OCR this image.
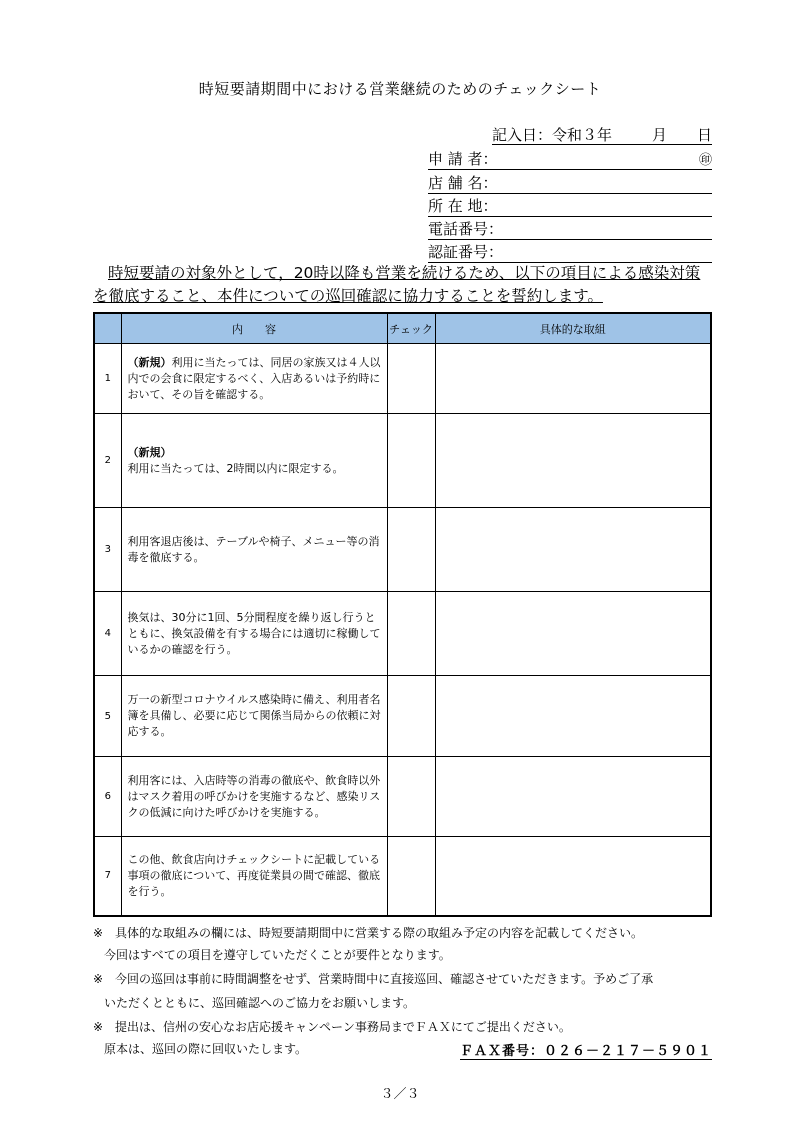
時短要請期間中における営業継続のためのチェックシート
記入日：令和３年	月 日
申 請 者：	㊞
店 舗 名：
所 在 地：
電話番号：
認証番号：
時短要請の対象外として，20時以降も営業を続けるため、以下の項目による感染対策
を徹底すること、本件についての巡回確認に協力することを誓約します。
	内　　容	チェック	具体的な取組
1	（新規）利用に当たっては、同居の家族又は４人以内での会食に限定するべく、入店あるいは予約時において、その旨を確認する。		
2	（新規）
利用に当たっては、2時間以内に限定する。		
3	利用客退店後は、テーブルや椅子、メニュー等の消毒を徹底する。		
4	換気は、30分に1回、5分間程度を繰り返し行うとともに、換気設備を有する場合には適切に稼働しているかの確認を行う。		
5	万一の新型コロナウイルス感染時に備え、利用者名簿を具備し、必要に応じて関係当局からの依頼に対応する。		
6	利用客には、入店時等の消毒の徹底や、飲食時以外はマスク着用の呼びかけを実施するなど、感染リスクの低減に向けた呼びかけを実施する。		
7	この他、飲食店向けチェックシートに記載している事項の徹底について、再度従業員の間で確認、徹底を行う。		
※　具体的な取組みの欄には、時短要請期間中に営業する際の取組み予定の内容を記載してください。
今回はすべての項目を遵守していただくことが要件となります。
※　今回の巡回は事前に時間調整をせず、営業時間中に直接巡回、確認させていただきます。予めご了承
いただくとともに、巡回確認へのご協力をお願いします。
※　提出は、信州の安心なお店応援キャンペーン事務局までＦＡＸにてご提出ください。
原本は、巡回の際に回収いたします。	ＦＡＸ番号：０２６－２１７－５９０１
３／３
